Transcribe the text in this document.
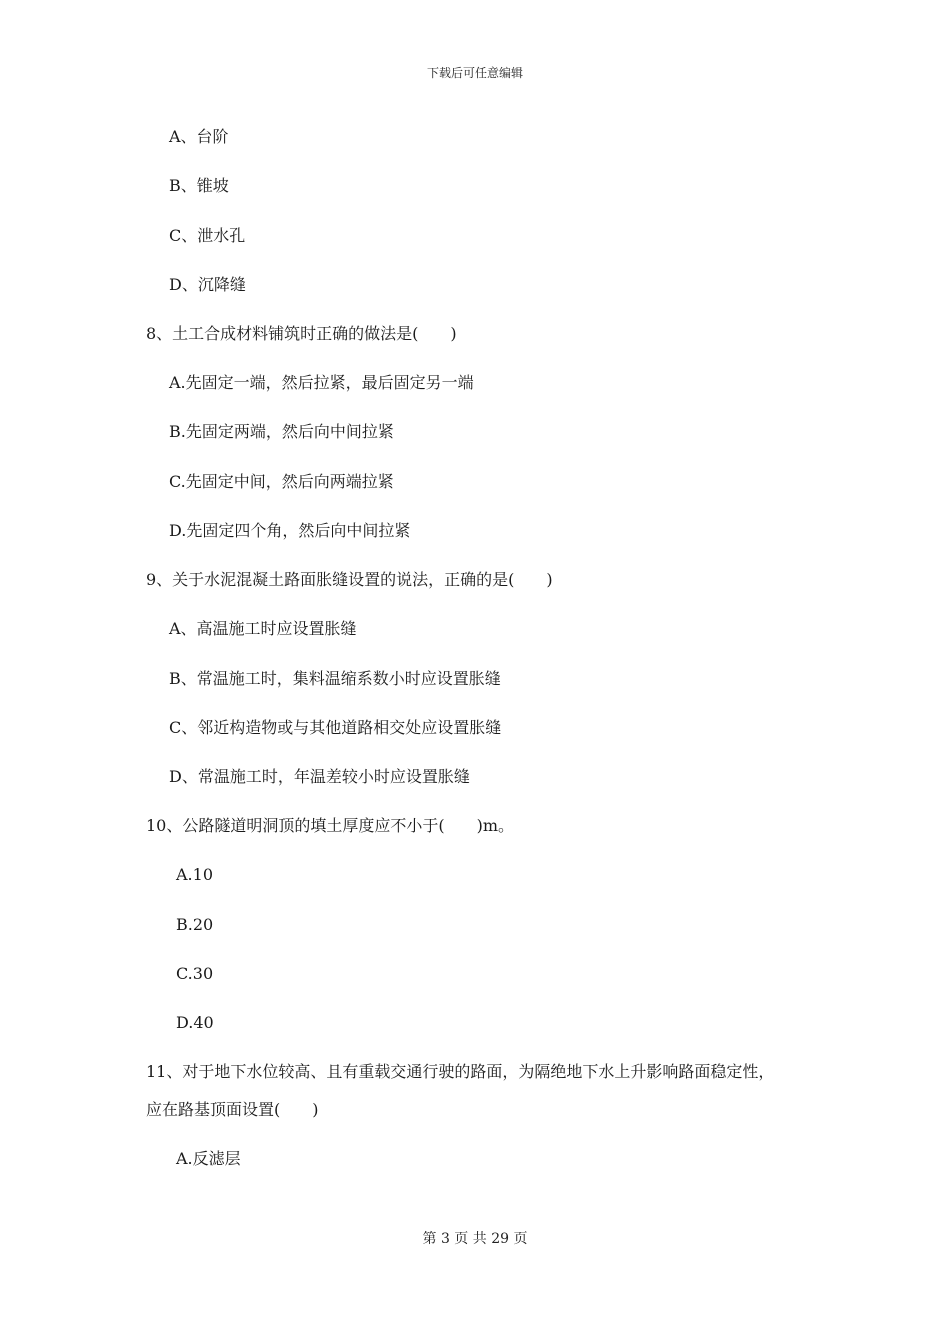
下载后可任意编辑
A、台阶
B、锥坡
C、泄水孔
D、沉降缝
8、土工合成材料铺筑时正确的做法是(　　)
A.先固定一端，然后拉紧，最后固定另一端
B.先固定两端，然后向中间拉紧
C.先固定中间，然后向两端拉紧
D.先固定四个角，然后向中间拉紧
9、关于水泥混凝土路面胀缝设置的说法，正确的是(　　)
A、高温施工时应设置胀缝
B、常温施工时，集料温缩系数小时应设置胀缝
C、邻近构造物或与其他道路相交处应设置胀缝
D、常温施工时，年温差较小时应设置胀缝
10、公路隧道明洞顶的填土厚度应不小于(　　)m。
A.10
B.20
C.30
D.40
11、对于地下水位较高、且有重载交通行驶的路面，为隔绝地下水上升影响路面稳定性，
应在路基顶面设置(　　)
A.反滤层
第 3 页 共 29 页
